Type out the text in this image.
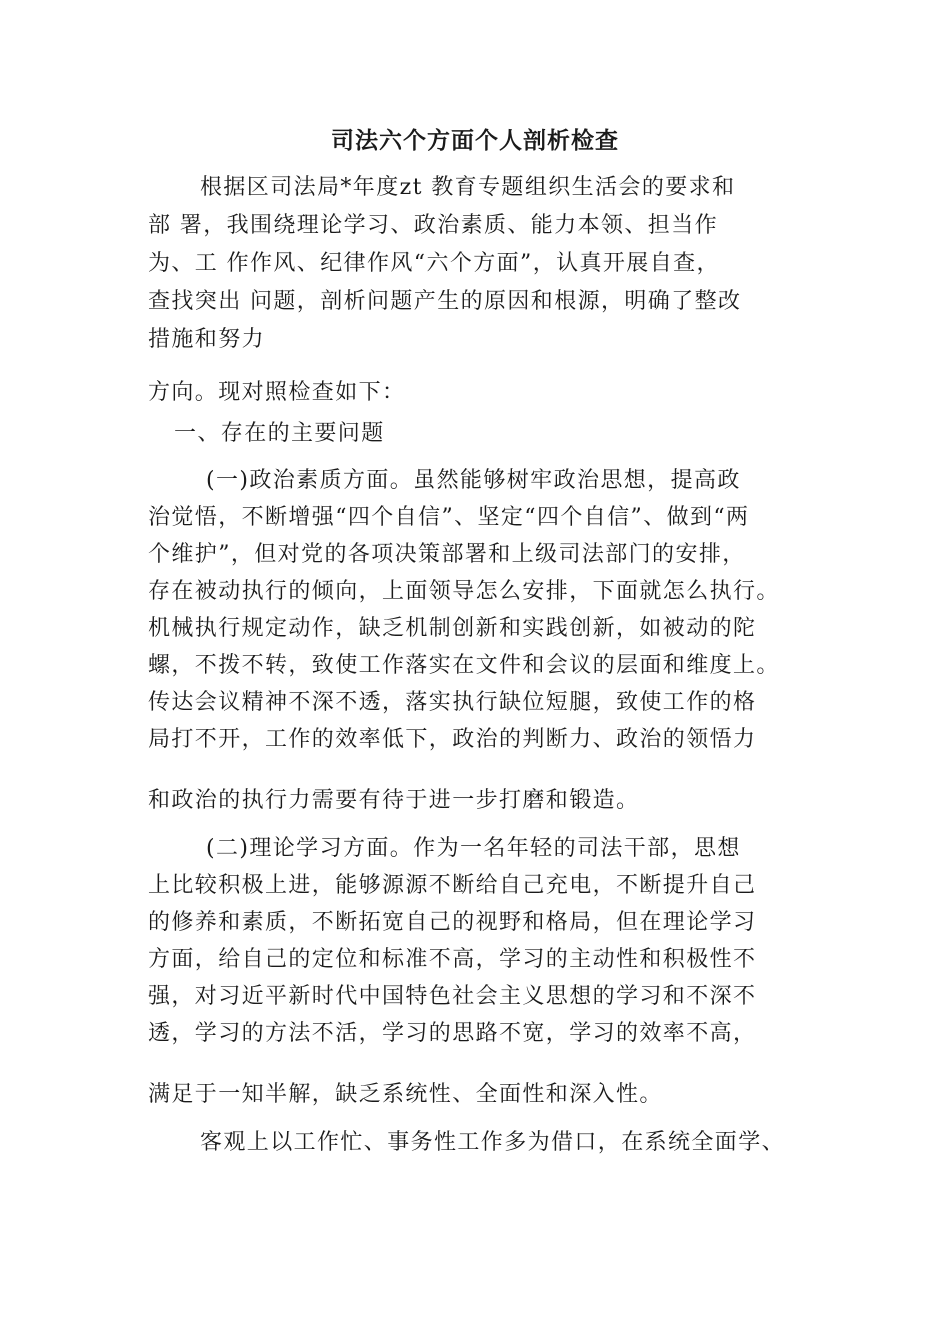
司法六个方面个人剖析检查
根据区司法局*年度zt 教育专题组织生活会的要求和
部 署，我围绕理论学习、政治素质、能力本领、担当作
为、工 作作风、纪律作风“六个方面”，认真开展自查，
查找突出 问题，剖析问题产生的原因和根源，明确了整改
措施和努力
方向。现对照检查如下：
一、存在的主要问题
(一)政治素质方面。虽然能够树牢政治思想，提高政
治觉悟，不断增强“四个自信”、坚定“四个自信”、做到“两
个维护”，但对党的各项决策部署和上级司法部门的安排，
存在被动执行的倾向，上面领导怎么安排，下面就怎么执行。
机械执行规定动作，缺乏机制创新和实践创新，如被动的陀
螺，不拨不转，致使工作落实在文件和会议的层面和维度上。
传达会议精神不深不透，落实执行缺位短腿，致使工作的格
局打不开，工作的效率低下，政治的判断力、政治的领悟力
和政治的执行力需要有待于进一步打磨和锻造。
(二)理论学习方面。作为一名年轻的司法干部，思想
上比较积极上进，能够源源不断给自己充电，不断提升自己
的修养和素质，不断拓宽自己的视野和格局，但在理论学习
方面，给自己的定位和标准不高，学习的主动性和积极性不
强，对习近平新时代中国特色社会主义思想的学习和不深不
透，学习的方法不活，学习的思路不宽，学习的效率不高，
满足于一知半解，缺乏系统性、全面性和深入性。
客观上以工作忙、事务性工作多为借口，在系统全面学、
